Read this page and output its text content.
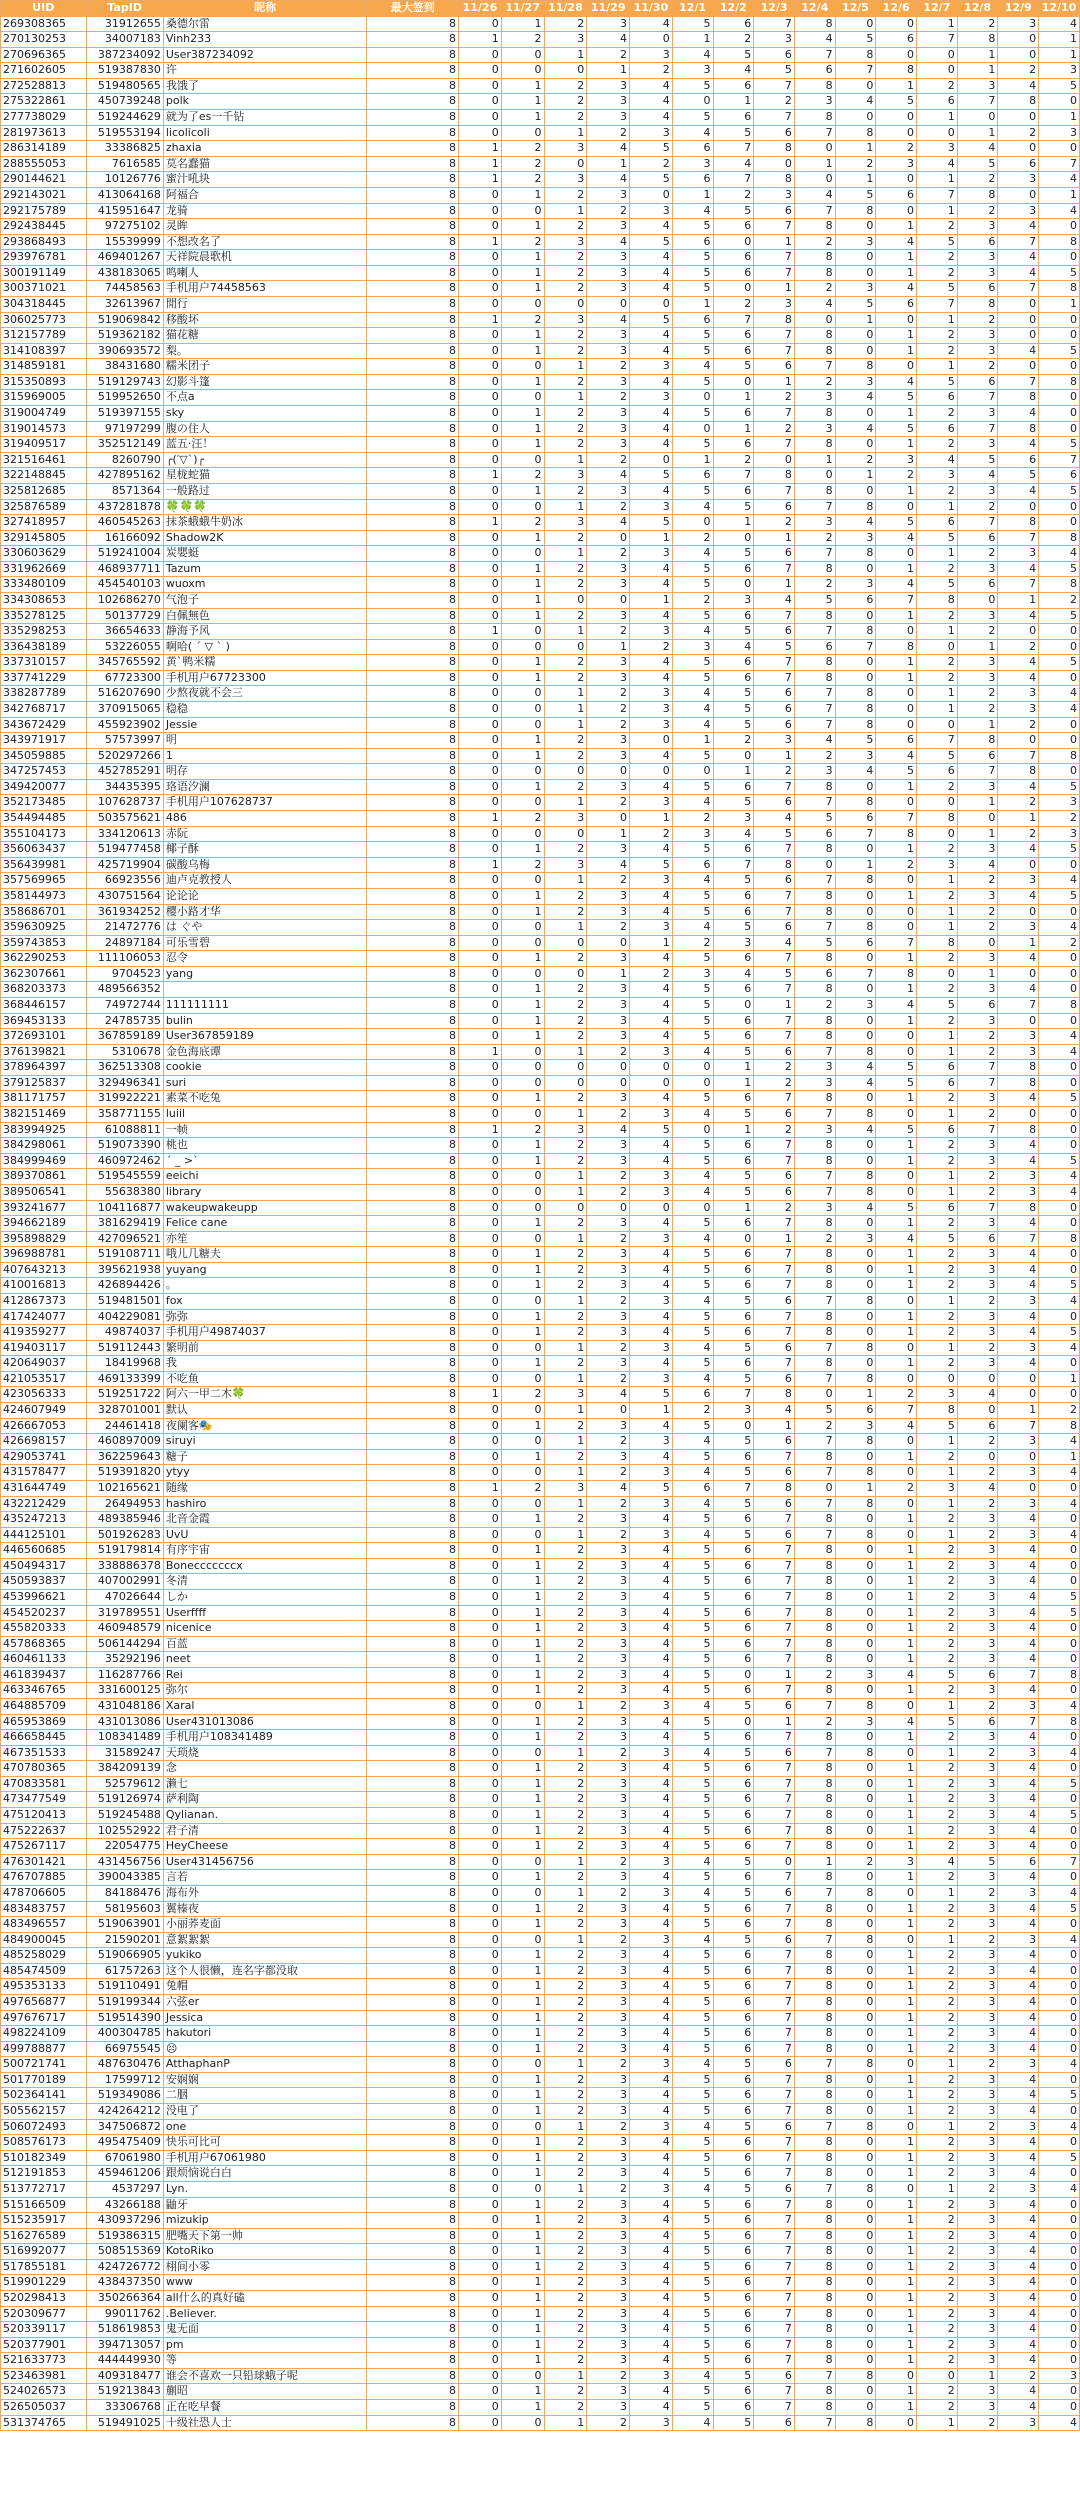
UID	TapID	昵称	最大签到	11/26	11/27	11/28	11/29	11/30	12/1	12/2	12/3	12/4	12/5	12/6	12/7	12/8	12/9	12/10
269308365	31912655	桑德尔雷	8	0	1	2	3	4	5	6	7	8	0	0	1	2	3	4
270130253	34007183	Vinh233	8	1	2	3	4	0	1	2	3	4	5	6	7	8	0	1
270696365	387234092	User387234092	8	0	0	1	2	3	4	5	6	7	8	0	0	1	0	1
271602605	519387830	许	8	0	0	0	1	2	3	4	5	6	7	8	0	1	2	3
272528813	519480565	我饿了	8	0	1	2	3	4	5	6	7	8	0	1	2	3	4	5
275322861	450739248	polk	8	0	1	2	3	4	0	1	2	3	4	5	6	7	8	0
277738029	519244629	就为了es一千钻	8	0	1	2	3	4	5	6	7	8	0	0	1	0	0	1
281973613	519553194	licolicoli	8	0	0	1	2	3	4	5	6	7	8	0	0	1	2	3
286314189	33386825	zhaxia	8	1	2	3	4	5	6	7	8	0	1	2	3	4	0	0
288555053	7616585	莫名蠢猫	8	1	2	0	1	2	3	4	0	1	2	3	4	5	6	7
290144621	10126776	蜜汁吼块	8	1	2	3	4	5	6	7	8	0	1	0	1	2	3	4
292143021	413064168	阿福合	8	0	1	2	3	0	1	2	3	4	5	6	7	8	0	1
292175789	415951647	龙骑	8	0	0	1	2	3	4	5	6	7	8	0	1	2	3	4
292438445	97275102	灵眸	8	0	1	2	3	4	5	6	7	8	0	1	2	3	4	0
293868493	15539999	不想改名了	8	1	2	3	4	5	6	0	1	2	3	4	5	6	7	8
293976781	469401267	天祥院晨歌机	8	0	1	2	3	4	5	6	7	8	0	1	2	3	4	0
300191149	438183065	鸣喇人	8	0	1	2	3	4	5	6	7	8	0	1	2	3	4	5
300371021	74458563	手机用户74458563	8	0	1	2	3	4	5	0	1	2	3	4	5	6	7	8
304318445	32613967	閒行	8	0	0	0	0	0	1	2	3	4	5	6	7	8	0	1
306025773	519069842	移酸坏	8	1	2	3	4	5	6	7	8	0	1	0	1	2	0	0
312157789	519362182	猫花糖	8	0	1	2	3	4	5	6	7	8	0	1	2	3	0	0
314108397	390693572	梨。	8	0	1	2	3	4	5	6	7	8	0	1	2	3	4	5
314859181	38431680	糯米团子	8	0	0	1	2	3	4	5	6	7	8	0	1	2	0	0
315350893	519129743	幻影斗篷	8	0	1	2	3	4	5	0	1	2	3	4	5	6	7	8
315969005	519952650	不点a	8	0	0	1	2	3	0	1	2	3	4	5	6	7	8	0
319004749	519397155	sky	8	0	1	2	3	4	5	6	7	8	0	1	2	3	4	0
319014573	97197299	腹の住人	8	0	1	2	3	4	0	1	2	3	4	5	6	7	8	0
319409517	352512149	蓝五·汪！	8	0	1	2	3	4	5	6	7	8	0	1	2	3	4	5
321516461	8260790	╭(′▽`)╭	8	0	0	1	2	0	1	2	0	1	2	3	4	5	6	7
322148845	427895162	星栊蛇猫	8	1	2	3	4	5	6	7	8	0	1	2	3	4	5	6
325812685	8571364	一般路过	8	0	1	2	3	4	5	6	7	8	0	1	2	3	4	5
325876589	437281878	🍀🍀🍀	8	0	0	1	2	3	4	5	6	7	8	0	1	2	0	0
327418957	460545263	抹茶蛾蛾牛奶冰	8	1	2	3	4	5	0	1	2	3	4	5	6	7	8	0
329145805	16166092	Shadow2K	8	0	1	2	0	1	2	0	1	2	3	4	5	6	7	8
330603629	519241004	炭嬰蜓	8	0	0	1	2	3	4	5	6	7	8	0	1	2	3	4
331962669	468937711	Tazum	8	0	1	2	3	4	5	6	7	8	0	1	2	3	4	5
333480109	454540103	wuoxm	8	0	1	2	3	4	5	0	1	2	3	4	5	6	7	8
334308653	102686270	气泡子	8	0	1	0	0	1	2	3	4	5	6	7	8	0	1	2
335278125	50137729	白佩無色	8	0	1	2	3	4	5	6	7	8	0	1	2	3	4	5
335298253	36654633	静海予风	8	1	0	1	2	3	4	5	6	7	8	0	1	2	0	0
336438189	53226055	啊哈( ´ ▽ ` )	8	0	0	0	1	2	3	4	5	6	7	8	0	1	2	0
337310157	345765592	黄`鸭米糯	8	0	1	2	3	4	5	6	7	8	0	1	2	3	4	5
337741229	67723300	手机用户67723300	8	0	1	2	3	4	5	6	7	8	0	1	2	3	4	0
338287789	516207690	少熬夜就不会三	8	0	0	1	2	3	4	5	6	7	8	0	1	2	3	4
342768717	370915065	稳稳	8	0	0	1	2	3	4	5	6	7	8	0	1	2	3	4
343672429	455923902	Jessie	8	0	0	1	2	3	4	5	6	7	8	0	0	1	2	0
343971917	57573997	明	8	0	1	2	3	0	1	2	3	4	5	6	7	8	0	0
345059885	520297266	1	8	0	1	2	3	4	5	0	1	2	3	4	5	6	7	8
347257453	452785291	明存	8	0	0	0	0	0	0	1	2	3	4	5	6	7	8	0
349420077	34435395	珞语汐澜	8	0	1	2	3	4	5	6	7	8	0	1	2	3	4	5
352173485	107628737	手机用户107628737	8	0	0	1	2	3	4	5	6	7	8	0	0	1	2	3
354494485	503575621	486	8	1	2	3	0	1	2	3	4	5	6	7	8	0	1	2
355104173	334120613	赤阮	8	0	0	0	1	2	3	4	5	6	7	8	0	1	2	3
356063437	519477458	椰子酥	8	0	1	2	3	4	5	6	7	8	0	1	2	3	4	5
356439981	425719904	碳酸乌梅	8	1	2	3	4	5	6	7	8	0	1	2	3	4	0	0
357569965	66923556	迪卢克教授人	8	0	0	1	2	3	4	5	6	7	8	0	1	2	3	4
358144973	430751564	论论论	8	0	1	2	3	4	5	6	7	8	0	1	2	3	4	5
358686701	361934252	樱小路才华	8	0	1	2	3	4	5	6	7	8	0	0	1	2	0	0
359630925	21472776	は ぐや	8	0	0	1	2	3	4	5	6	7	8	0	1	2	3	4
359743853	24897184	可乐雪碧	8	0	0	0	0	1	2	3	4	5	6	7	8	0	1	2
362290253	111106053	忍令	8	0	1	2	3	4	5	6	7	8	0	1	2	3	4	0
362307661	9704523	yang	8	0	0	0	1	2	3	4	5	6	7	8	0	1	0	0
368203373	489566352		8	0	1	2	3	4	5	6	7	8	0	1	2	3	4	0
368446157	74972744	111111111	8	0	1	2	3	4	5	0	1	2	3	4	5	6	7	8
369453133	24785735	bulin	8	0	1	2	3	4	5	6	7	8	0	1	2	3	0	0
372693101	367859189	User367859189	8	0	1	2	3	4	5	6	7	8	0	0	1	2	3	4
376139821	5310678	金色海底谭	8	1	0	1	2	3	4	5	6	7	8	0	1	2	3	4
378964397	362513308	cookie	8	0	0	0	0	0	0	1	2	3	4	5	6	7	8	0
379125837	329496341	suri	8	0	0	0	0	0	0	1	2	3	4	5	6	7	8	0
381171757	319922221	素菜不吃兔	8	0	1	2	3	4	5	6	7	8	0	1	2	3	4	5
382151469	358771155	luiil	8	0	0	1	2	3	4	5	6	7	8	0	1	2	0	0
383994925	61088811	一帧	8	1	2	3	4	5	0	1	2	3	4	5	6	7	8	0
384298061	519073390	桃也	8	0	1	2	3	4	5	6	7	8	0	1	2	3	4	0
384999469	460972462	´ _ >`	8	0	1	2	3	4	5	6	7	8	0	1	2	3	4	5
389370861	519545559	eeichi	8	0	0	1	2	3	4	5	6	7	8	0	1	2	3	4
389506541	55638380	library	8	0	0	1	2	3	4	5	6	7	8	0	1	2	3	4
393241677	104116877	wakeupwakeupp	8	0	0	0	0	0	0	1	2	3	4	5	6	7	8	0
394662189	381629419	Felice cane	8	0	1	2	3	4	5	6	7	8	0	1	2	3	4	0
395898829	427096521	亦笙	8	0	0	1	2	3	4	0	1	2	3	4	5	6	7	8
396988781	519108711	哦儿几糖夫	8	0	1	2	3	4	5	6	7	8	0	1	2	3	4	0
407643213	395621938	yuyang	8	0	1	2	3	4	5	6	7	8	0	1	2	3	4	0
410016813	426894426	。	8	0	1	2	3	4	5	6	7	8	0	1	2	3	4	5
412867373	519481501	fox	8	0	0	1	2	3	4	5	6	7	8	0	1	2	3	4
417424077	404229081	弥弥	8	0	1	2	3	4	5	6	7	8	0	1	2	3	4	0
419359277	49874037	手机用户49874037	8	0	1	2	3	4	5	6	7	8	0	1	2	3	4	5
419403117	519112443	繁明前	8	0	0	1	2	3	4	5	6	7	8	0	1	2	3	4
420649037	18419968	我	8	0	1	2	3	4	5	6	7	8	0	1	2	3	4	0
421053517	469133399	不吃鱼	8	0	0	1	2	3	4	5	6	7	8	0	0	0	0	1
423056333	519251722	阿六一甲二木🍀	8	1	2	3	4	5	6	7	8	0	1	2	3	4	0	0
424607949	328701001	默认	8	0	0	1	0	1	2	3	4	5	6	7	8	0	1	2
426667053	24461418	夜阑客🎭	8	0	1	2	3	4	5	0	1	2	3	4	5	6	7	8
426698157	460897009	siruyi	8	0	0	1	2	3	4	5	6	7	8	0	1	2	3	4
429053741	362259643	糖子	8	0	1	2	3	4	5	6	7	8	0	1	2	0	0	1
431578477	519391820	ytyy	8	0	0	1	2	3	4	5	6	7	8	0	1	2	3	4
431644749	102165621	随缘	8	1	2	3	4	5	6	7	8	0	1	2	3	4	0	0
432212429	26494953	hashiro	8	0	0	1	2	3	4	5	6	7	8	0	1	2	3	4
435247213	489385946	北音金霞	8	0	1	2	3	4	5	6	7	8	0	1	2	3	4	0
444125101	501926283	UvU	8	0	0	1	2	3	4	5	6	7	8	0	1	2	3	4
446560685	519179814	有序宇宙	8	0	1	2	3	4	5	6	7	8	0	1	2	3	4	0
450494317	338886378	Bonecccccccx	8	0	1	2	3	4	5	6	7	8	0	1	2	3	4	0
450593837	407002991	冬清	8	0	1	2	3	4	5	6	7	8	0	1	2	3	4	0
453996621	47026644	しか	8	0	1	2	3	4	5	6	7	8	0	1	2	3	4	5
454520237	319789551	Userffff	8	0	1	2	3	4	5	6	7	8	0	1	2	3	4	5
455820333	460948579	nicenice	8	0	1	2	3	4	5	6	7	8	0	1	2	3	4	0
457868365	506144294	百蓝	8	0	1	2	3	4	5	6	7	8	0	1	2	3	4	0
460461133	35292196	neet	8	0	1	2	3	4	5	6	7	8	0	1	2	3	4	0
461839437	116287766	Rei	8	0	1	2	3	4	5	0	1	2	3	4	5	6	7	8
463346765	331600125	弥尔	8	0	1	2	3	4	5	6	7	8	0	1	2	3	4	0
464885709	431048186	Xaral	8	0	0	1	2	3	4	5	6	7	8	0	1	2	3	4
465953869	431013086	User431013086	8	0	1	2	3	4	5	0	1	2	3	4	5	6	7	8
466658445	108341489	手机用户108341489	8	0	1	2	3	4	5	6	7	8	0	1	2	3	4	0
467351533	31589247	天琐烧	8	0	0	1	2	3	4	5	6	7	8	0	1	2	3	4
470780365	384209139	念	8	0	1	2	3	4	5	6	7	8	0	1	2	3	4	0
470833581	52579612	濑七	8	0	1	2	3	4	5	6	7	8	0	1	2	3	4	5
473477549	519126974	萨利陶	8	0	1	2	3	4	5	6	7	8	0	1	2	3	4	0
475120413	519245488	Qylianan.	8	0	1	2	3	4	5	6	7	8	0	1	2	3	4	5
475222637	102552922	君子清	8	0	1	2	3	4	5	6	7	8	0	1	2	3	4	0
475267117	22054775	HeyCheese	8	0	1	2	3	4	5	6	7	8	0	1	2	3	4	0
476301421	431456756	User431456756	8	0	0	1	2	3	4	5	0	1	2	3	4	5	6	7
476707885	390043385	言若	8	0	1	2	3	4	5	6	7	8	0	1	2	3	4	0
478706605	84188476	海布外	8	0	0	1	2	3	4	5	6	7	8	0	1	2	3	4
483483757	58195603	翼榛夜	8	0	1	2	3	4	5	6	7	8	0	1	2	3	4	5
483496557	519063901	小丽荞麦面	8	0	1	2	3	4	5	6	7	8	0	1	2	3	4	0
484900045	21590201	意絮絮絮	8	0	0	1	2	3	4	5	6	7	8	0	1	2	3	4
485258029	519066905	yukiko	8	0	1	2	3	4	5	6	7	8	0	1	2	3	4	0
485474509	61757263	这个人很懒，连名字都没取	8	0	1	2	3	4	5	6	7	8	0	1	2	3	4	0
495353133	519110491	兔帽	8	0	1	2	3	4	5	6	7	8	0	1	2	3	4	0
497656877	519199344	六弦er	8	0	1	2	3	4	5	6	7	8	0	1	2	3	4	0
497676717	519514390	Jessica	8	0	1	2	3	4	5	6	7	8	0	1	2	3	4	0
498224109	400304785	hakutori	8	0	1	2	3	4	5	6	7	8	0	1	2	3	4	0
499788877	66975545	😣	8	0	1	2	3	4	5	6	7	8	0	1	2	3	4	0
500721741	487630476	AtthaphanP	8	0	0	1	2	3	4	5	6	7	8	0	1	2	3	4
501770189	17599712	安娴娴	8	0	1	2	3	4	5	6	7	8	0	1	2	3	4	0
502364141	519349086	二胭	8	0	1	2	3	4	5	6	7	8	0	1	2	3	4	5
505562157	424264212	没电了	8	0	1	2	3	4	5	6	7	8	0	1	2	3	4	0
506072493	347506872	one	8	0	0	1	2	3	4	5	6	7	8	0	1	2	3	4
508576173	495475409	快乐可比可	8	0	1	2	3	4	5	6	7	8	0	1	2	3	4	0
510182349	67061980	手机用户67061980	8	0	1	2	3	4	5	6	7	8	0	1	2	3	4	5
512191853	459461206	跟烦恼说白白	8	0	1	2	3	4	5	6	7	8	0	1	2	3	4	0
513772717	4537297	Lyn.	8	0	0	1	2	3	4	5	6	7	8	0	1	2	3	4
515166509	43266188	鼬牙	8	0	1	2	3	4	5	6	7	8	0	1	2	3	4	0
515235917	430937296	mizukip	8	0	1	2	3	4	5	6	7	8	0	1	2	3	4	0
516276589	519386315	肥嘴天下第一帅	8	0	1	2	3	4	5	6	7	8	0	1	2	3	4	0
516992077	508515369	KotoRiko	8	0	1	2	3	4	5	6	7	8	0	1	2	3	4	0
517855181	424726772	栩间小零	8	0	1	2	3	4	5	6	7	8	0	1	2	3	4	0
519901229	438437350	www	8	0	1	2	3	4	5	6	7	8	0	1	2	3	4	0
520298413	350266364	all什么的真好磕	8	0	1	2	3	4	5	6	7	8	0	1	2	3	4	0
520309677	99011762	.Believer.	8	0	1	2	3	4	5	6	7	8	0	1	2	3	4	0
520339117	518619853	鬼无面	8	0	1	2	3	4	5	6	7	8	0	1	2	3	4	0
520377901	394713057	pm	8	0	1	2	3	4	5	6	7	8	0	1	2	3	4	0
521633773	444449930	等	8	0	1	2	3	4	5	6	7	8	0	1	2	3	4	0
523463981	409318477	谁会不喜欢一只铅球蛾子呢	8	0	0	1	2	3	4	5	6	7	8	0	0	1	2	3
524026573	519213843	蒯昭	8	0	1	2	3	4	5	6	7	8	0	1	2	3	4	0
526505037	33306768	正在吃早餐	8	0	1	2	3	4	5	6	7	8	0	1	2	3	4	0
531374765	519491025	十级社恐人士	8	0	0	1	2	3	4	5	6	7	8	0	1	2	3	4
